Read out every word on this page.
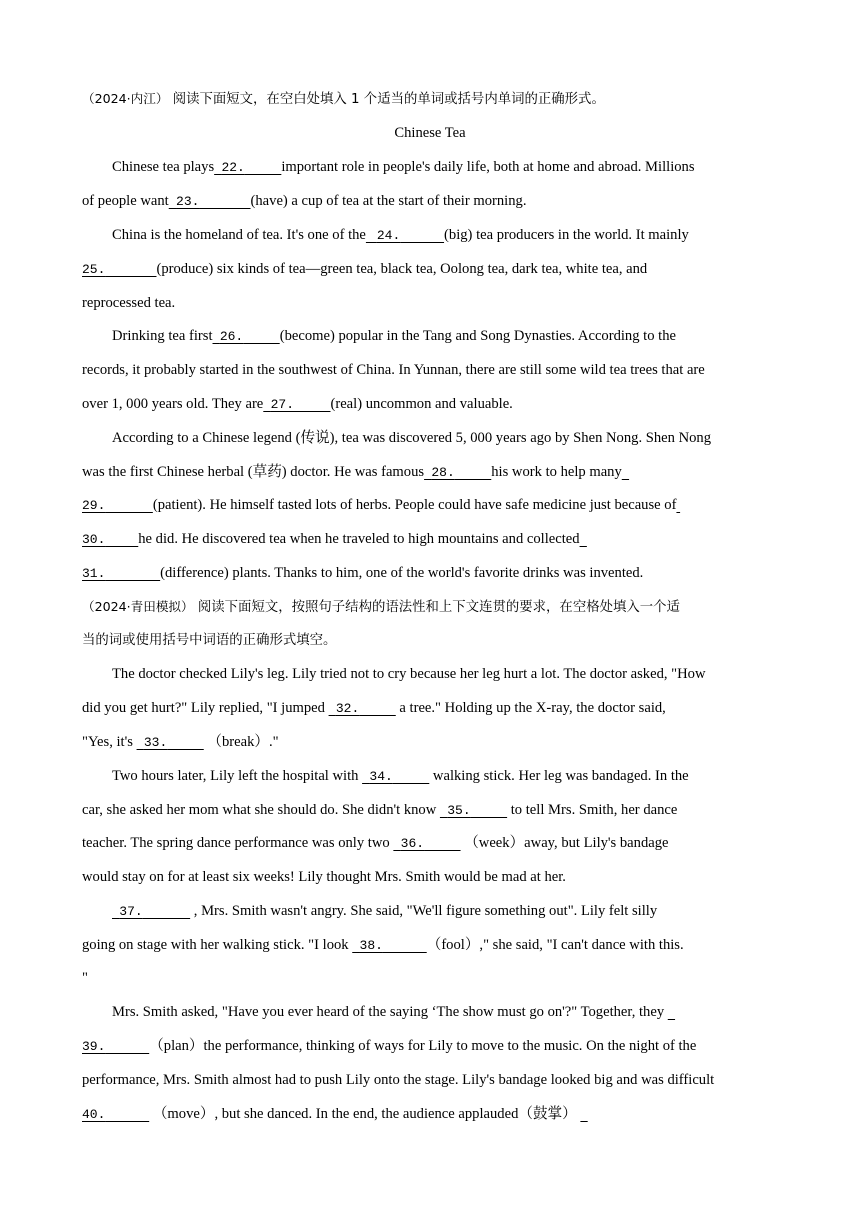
（2024·内江） 阅读下面短文，在空白处填入 1 个适当的单词或括号内单词的正确形式。
Chinese Tea
Chinese tea plays 22. important role in people's daily life, both at home and abroad. Millions
of people want 23.	(have) a cup of tea at the start of their morning.
China is the homeland of tea. It's one of the 24.	(big) tea producers in the world. It mainly
25.	(produce) six kinds of tea—green tea, black tea, Oolong tea, dark tea, white tea, and
reprocessed tea.
Drinking tea first 26. (become) popular in the Tang and Song Dynasties. According to the
records, it probably started in the southwest of China. In Yunnan, there are still some wild tea trees that are
over 1, 000 years old. They are 27. (real) uncommon and valuable.
According to a Chinese legend (传说), tea was discovered 5, 000 years ago by Shen Nong. Shen Nong
was the first Chinese herbal (草药) doctor. He was famous 28. his work to help many
29.	(patient). He himself tasted lots of herbs. People could have safe medicine just because of
30. he did. He discovered tea when he traveled to high mountains and collected
31.	(difference) plants. Thanks to him, one of the world's favorite drinks was invented.
（2024·青田模拟） 阅读下面短文，按照句子结构的语法性和上下文连贯的要求，在空格处填入一个适
当的词或使用括号中词语的正确形式填空。
The doctor checked Lily's leg. Lily tried not to cry because her leg hurt a lot. The doctor asked, "How
did you get hurt?" Lily replied, "I jumped   32.           a tree." Holding up the X-ray, the doctor said,
"Yes, it's   33.           （break）."
Two hours later, Lily left the hospital with   34.           walking stick. Her leg was bandaged. In the
car, she asked her mom what she should do. She didn't know   35.           to tell Mrs. Smith, her dance
teacher. The spring dance performance was only two   36.           （week）away, but Lily's bandage
would stay on for at least six weeks! Lily thought Mrs. Smith would be mad at her.
37.	, Mrs. Smith wasn't angry. She said, "We'll figure something out". Lily felt silly
going on stage with her walking stick. "I look   38.	（fool）," she said, "I can't dance with this.
"
Mrs. Smith asked, "Have you ever heard of the saying ‘The show must go on'?" Together, they
39.	（plan）the performance, thinking of ways for Lily to move to the music. On the night of the
performance, Mrs. Smith almost had to push Lily onto the stage. Lily's bandage looked big and was difficult
40.	（move）, but she danced. In the end, the audience applauded（鼓掌）
